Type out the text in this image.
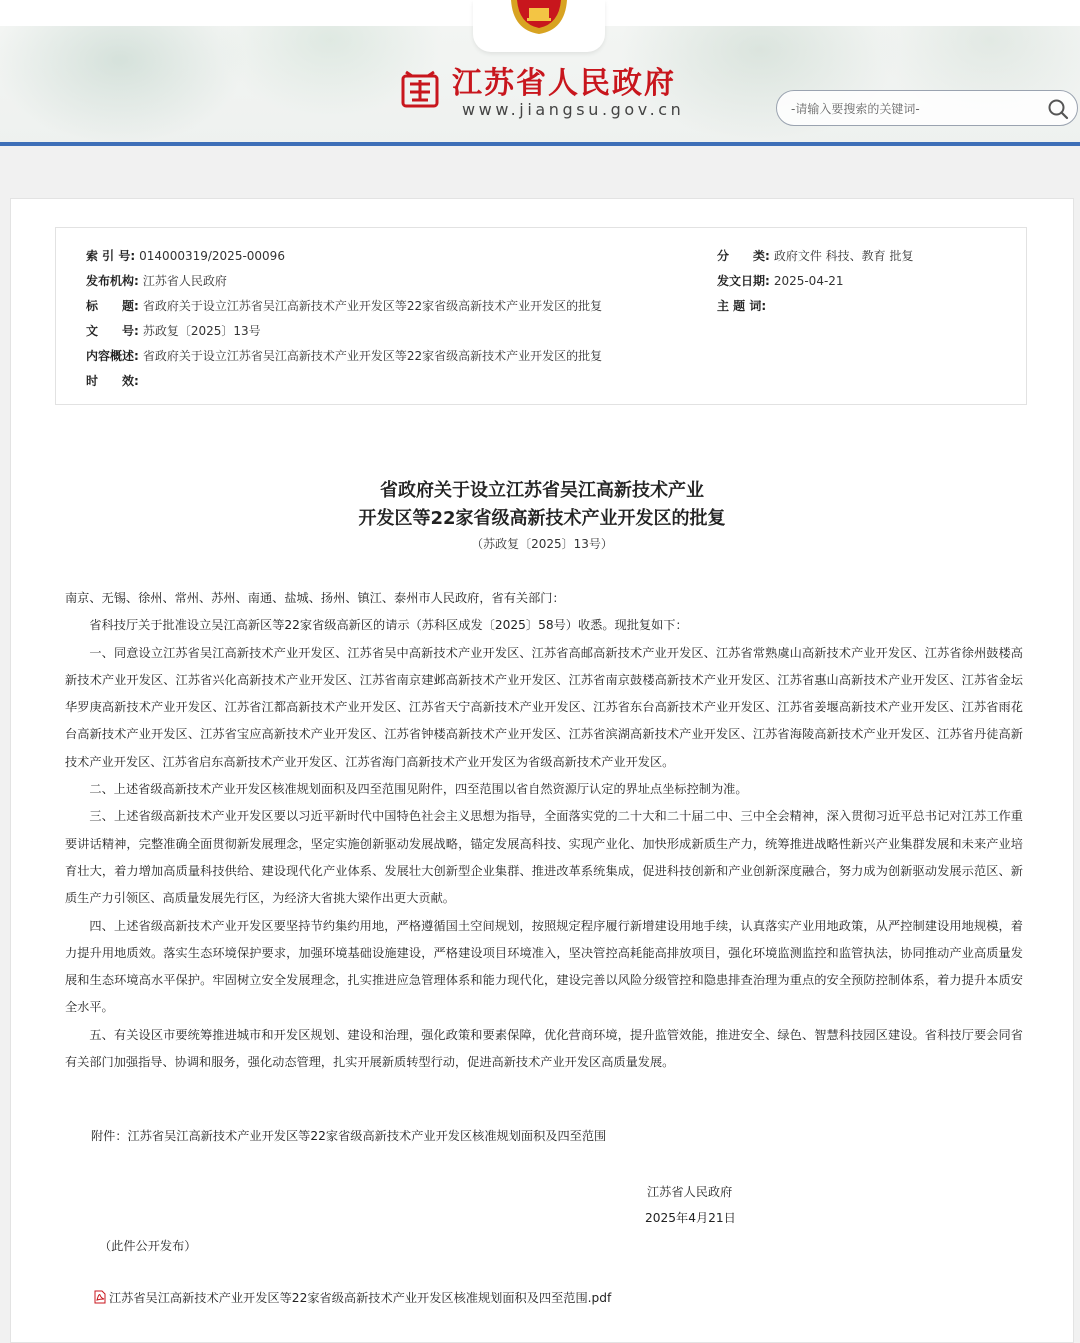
江苏省人民政府
www.jiangsu.gov.cn
-请输入要搜索的关键词-
索 引 号: 014000319/2025-00096	分　　类: 政府文件 科技、教育 批复
发布机构: 江苏省人民政府	发文日期: 2025-04-21
标　　题: 省政府关于设立江苏省吴江高新技术产业开发区等22家省级高新技术产业开发区的批复	主 题 词:
文　　号: 苏政复〔2025〕13号
内容概述: 省政府关于设立江苏省吴江高新技术产业开发区等22家省级高新技术产业开发区的批复
时　　效:
省政府关于设立江苏省吴江高新技术产业
开发区等22家省级高新技术产业开发区的批复
（苏政复〔2025〕13号）

南京、无锡、徐州、常州、苏州、南通、盐城、扬州、镇江、泰州市人民政府，省有关部门：

省科技厅关于批准设立吴江高新区等22家省级高新区的请示（苏科区成发〔2025〕58号）收悉。现批复如下：

一、同意设立江苏省吴江高新技术产业开发区、江苏省吴中高新技术产业开发区、江苏省高邮高新技术产业开发区、江苏省常熟虞山高新技术产业开发区、江苏省徐州鼓楼高新技术产业开发区、江苏省兴化高新技术产业开发区、江苏省南京建邺高新技术产业开发区、江苏省南京鼓楼高新技术产业开发区、江苏省惠山高新技术产业开发区、江苏省金坛华罗庚高新技术产业开发区、江苏省江都高新技术产业开发区、江苏省天宁高新技术产业开发区、江苏省东台高新技术产业开发区、江苏省姜堰高新技术产业开发区、江苏省雨花台高新技术产业开发区、江苏省宝应高新技术产业开发区、江苏省钟楼高新技术产业开发区、江苏省滨湖高新技术产业开发区、江苏省海陵高新技术产业开发区、江苏省丹徒高新技术产业开发区、江苏省启东高新技术产业开发区、江苏省海门高新技术产业开发区为省级高新技术产业开发区。

二、上述省级高新技术产业开发区核准规划面积及四至范围见附件，四至范围以省自然资源厅认定的界址点坐标控制为准。

三、上述省级高新技术产业开发区要以习近平新时代中国特色社会主义思想为指导，全面落实党的二十大和二十届二中、三中全会精神，深入贯彻习近平总书记对江苏工作重要讲话精神，完整准确全面贯彻新发展理念，坚定实施创新驱动发展战略，锚定发展高科技、实现产业化、加快形成新质生产力，统筹推进战略性新兴产业集群发展和未来产业培育壮大，着力增加高质量科技供给、建设现代化产业体系、发展壮大创新型企业集群、推进改革系统集成，促进科技创新和产业创新深度融合，努力成为创新驱动发展示范区、新质生产力引领区、高质量发展先行区，为经济大省挑大梁作出更大贡献。

四、上述省级高新技术产业开发区要坚持节约集约用地，严格遵循国土空间规划，按照规定程序履行新增建设用地手续，认真落实产业用地政策，从严控制建设用地规模，着力提升用地质效。落实生态环境保护要求，加强环境基础设施建设，严格建设项目环境准入，坚决管控高耗能高排放项目，强化环境监测监控和监管执法，协同推动产业高质量发展和生态环境高水平保护。牢固树立安全发展理念，扎实推进应急管理体系和能力现代化，建设完善以风险分级管控和隐患排查治理为重点的安全预防控制体系，着力提升本质安全水平。

五、有关设区市要统筹推进城市和开发区规划、建设和治理，强化政策和要素保障，优化营商环境，提升监管效能，推进安全、绿色、智慧科技园区建设。省科技厅要会同省有关部门加强指导、协调和服务，强化动态管理，扎实开展新质转型行动，促进高新技术产业开发区高质量发展。

附件：江苏省吴江高新技术产业开发区等22家省级高新技术产业开发区核准规划面积及四至范围
江苏省人民政府
2025年4月21日
（此件公开发布）
江苏省吴江高新技术产业开发区等22家省级高新技术产业开发区核准规划面积及四至范围.pdf
